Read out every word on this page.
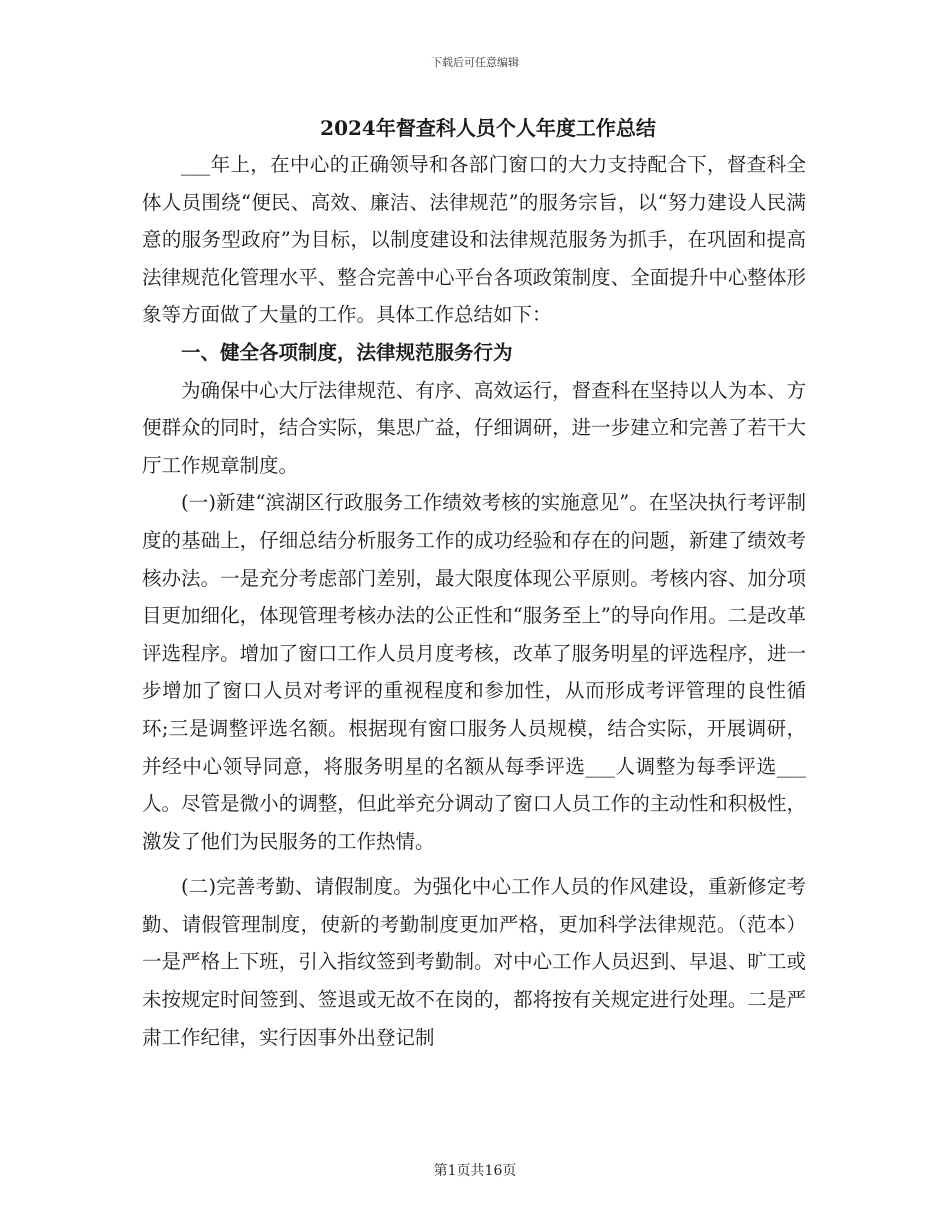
下载后可任意编辑
2024年督查科人员个人年度工作总结

___年上，在中心的正确领导和各部门窗口的大力支持配合下，督查科全体人员围绕“便民、高效、廉洁、法律规范”的服务宗旨，以“努力建设人民满意的服务型政府”为目标，以制度建设和法律规范服务为抓手，在巩固和提高法律规范化管理水平、整合完善中心平台各项政策制度、全面提升中心整体形象等方面做了大量的工作。具体工作总结如下：

一、健全各项制度，法律规范服务行为

为确保中心大厅法律规范、有序、高效运行，督查科在坚持以人为本、方便群众的同时，结合实际，集思广益，仔细调研，进一步建立和完善了若干大厅工作规章制度。

(一)新建“滨湖区行政服务工作绩效考核的实施意见”。在坚决执行考评制度的基础上，仔细总结分析服务工作的成功经验和存在的问题，新建了绩效考核办法。一是充分考虑部门差别，最大限度体现公平原则。考核内容、加分项目更加细化，体现管理考核办法的公正性和“服务至上”的导向作用。二是改革评选程序。增加了窗口工作人员月度考核，改革了服务明星的评选程序，进一步增加了窗口人员对考评的重视程度和参加性，从而形成考评管理的良性循环;三是调整评选名额。根据现有窗口服务人员规模，结合实际，开展调研，并经中心领导同意，将服务明星的名额从每季评选___人调整为每季评选___人。尽管是微小的调整，但此举充分调动了窗口人员工作的主动性和积极性，激发了他们为民服务的工作热情。

(二)完善考勤、请假制度。为强化中心工作人员的作风建设，重新修定考勤、请假管理制度，使新的考勤制度更加严格，更加科学法律规范。（范本）一是严格上下班，引入指纹签到考勤制。对中心工作人员迟到、早退、旷工或未按规定时间签到、签退或无故不在岗的，都将按有关规定进行处理。二是严肃工作纪律，实行因事外出登记制

第1页共16页
